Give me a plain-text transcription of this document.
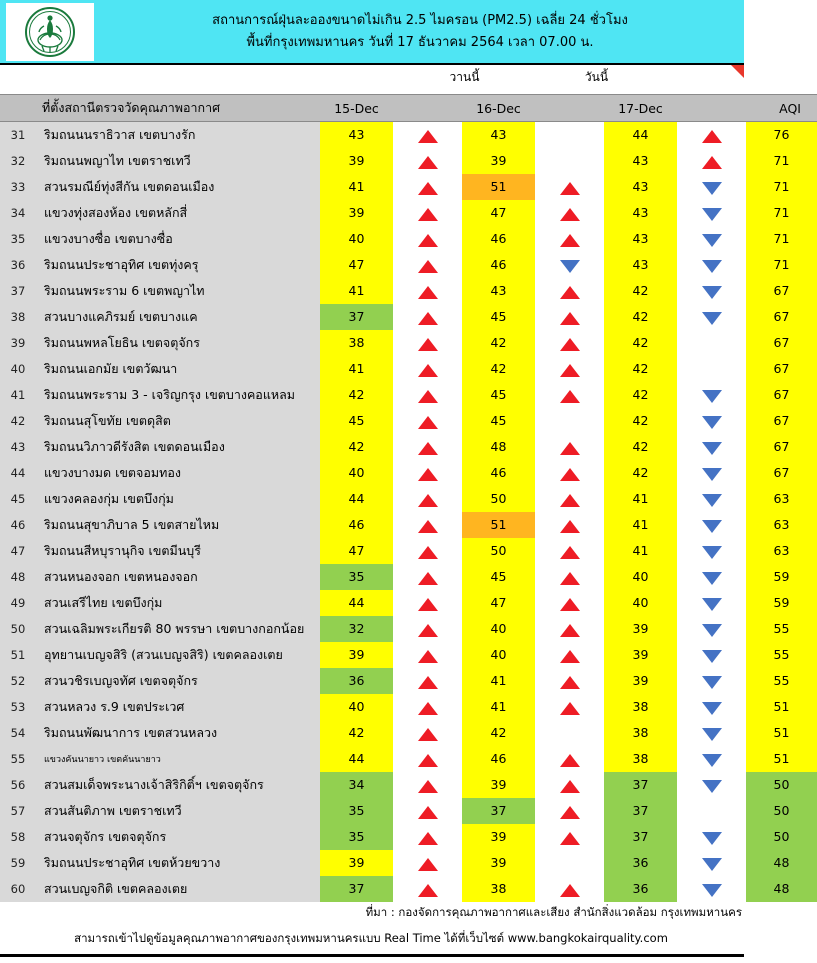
สถานการณ์ฝุ่นละอองขนาดไม่เกิน 2.5 ไมครอน (PM2.5) เฉลี่ย 24 ชั่วโมง
พื้นที่กรุงเทพมหานคร วันที่ 17 ธันวาคม 2564 เวลา 07.00 น.
วานนี้	วันนี้
	ที่ตั้งสถานีตรวจวัดคุณภาพอากาศ	15-Dec		16-Dec		17-Dec		AQI
31	ริมถนนนราธิวาส เขตบางรัก	43		43		44		76

32	ริมถนนพญาไท เขตราชเทวี	39		39		43		71

33	สวนรมณีย์ทุ่งสีกัน เขตดอนเมือง	41		51		43		71

34	แขวงทุ่งสองห้อง เขตหลักสี่	39		47		43		71

35	แขวงบางซื่อ เขตบางซื่อ	40		46		43		71

36	ริมถนนประชาอุทิศ เขตทุ่งครุ	47		46		43		71

37	ริมถนนพระราม 6 เขตพญาไท	41		43		42		67

38	สวนบางแคภิรมย์ เขตบางแค	37		45		42		67

39	ริมถนนพหลโยธิน เขตจตุจักร	38		42		42		67

40	ริมถนนเอกมัย เขตวัฒนา	41		42		42		67

41	ริมถนนพระราม 3 - เจริญกรุง เขตบางคอแหลม	42		45		42		67

42	ริมถนนสุโขทัย เขตดุสิต	45		45		42		67

43	ริมถนนวิภาวดีรังสิต เขตดอนเมือง	42		48		42		67

44	แขวงบางมด เขตจอมทอง	40		46		42		67

45	แขวงคลองกุ่ม เขตบึงกุ่ม	44		50		41		63

46	ริมถนนสุขาภิบาล 5 เขตสายไหม	46		51		41		63

47	ริมถนนสีหบุรานุกิจ เขตมีนบุรี	47		50		41		63

48	สวนหนองจอก เขตหนองจอก	35		45		40		59

49	สวนเสรีไทย เขตบึงกุ่ม	44		47		40		59

50	สวนเฉลิมพระเกียรติ 80 พรรษา เขตบางกอกน้อย	32		40		39		55

51	อุทยานเบญจสิริ (สวนเบญจสิริ) เขตคลองเตย	39		40		39		55

52	สวนวชิรเบญจทัศ เขตจตุจักร	36		41		39		55

53	สวนหลวง ร.9 เขตประเวศ	40		41		38		51

54	ริมถนนพัฒนาการ เขตสวนหลวง	42		42		38		51

55	แขวงคันนายาว เขตคันนายาว	44		46		38		51

56	สวนสมเด็จพระนางเจ้าสิริกิติ์ฯ เขตจตุจักร	34		39		37		50

57	สวนสันติภาพ เขตราชเทวี	35		37		37		50

58	สวนจตุจักร เขตจตุจักร	35		39		37		50

59	ริมถนนประชาอุทิศ เขตห้วยขวาง	39		39		36		48

60	สวนเบญจกิติ เขตคลองเตย	37		38		36		48
ที่มา : กองจัดการคุณภาพอากาศและเสียง สำนักสิ่งแวดล้อม กรุงเทพมหานคร
สามารถเข้าไปดูข้อมูลคุณภาพอากาศของกรุงเทพมหานครแบบ Real Time ได้ที่เว็บไซต์ www.bangkokairquality.com
